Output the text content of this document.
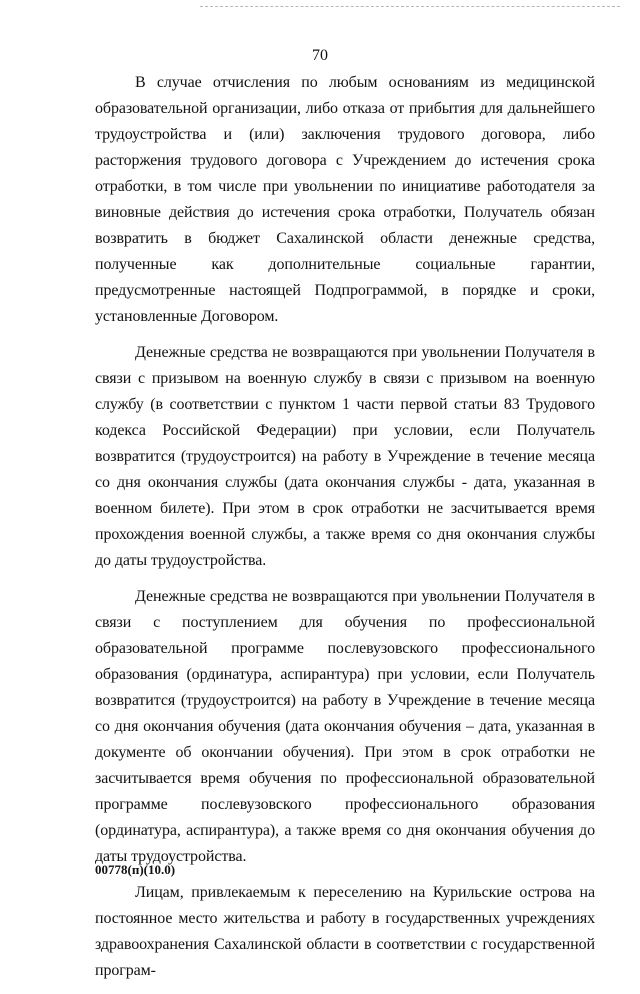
70

В случае отчисления по любым основаниям из медицинской образовательной организации, либо отказа от прибытия для дальнейшего трудоустройства и (или) заключения трудового договора, либо расторжения трудового договора с Учреждением до истечения срока отработки, в том числе при увольнении по инициативе работодателя за виновные действия до истечения срока отработки, Получатель обязан возвратить в бюджет Сахалинской области денежные средства, полученные как дополнительные социальные гарантии, предусмотренные настоящей Подпрограммой, в порядке и сроки, установленные Договором.

Денежные средства не возвращаются при увольнении Получателя в связи с призывом на военную службу в связи с призывом на военную службу (в соответствии с пунктом 1 части первой статьи 83 Трудового кодекса Российской Федерации) при условии, если Получатель возвратится (трудоустроится) на работу в Учреждение в течение месяца со дня окончания службы (дата окончания службы - дата, указанная в военном билете). При этом в срок отработки не засчитывается время прохождения военной службы, а также время со дня окончания службы до даты трудоустройства.

Денежные средства не возвращаются при увольнении Получателя в связи с поступлением для обучения по профессиональной образовательной программе послевузовского профессионального образования (ординатура, аспирантура) при условии, если Получатель возвратится (трудоустроится) на работу в Учреждение в течение месяца со дня окончания обучения (дата окончания обучения – дата, указанная в документе об окончании обучения). При этом в срок отработки не засчитывается время обучения по профессиональной образовательной программе послевузовского профессионального образования (ординатура, аспирантура), а также время со дня окончания обучения до даты трудоустройства.

Лицам, привлекаемым к переселению на Курильские острова на постоянное место жительства и работу в государственных учреждениях здравоохранения Сахалинской области в соответствии с государственной програм-

00778(п)(10.0)
